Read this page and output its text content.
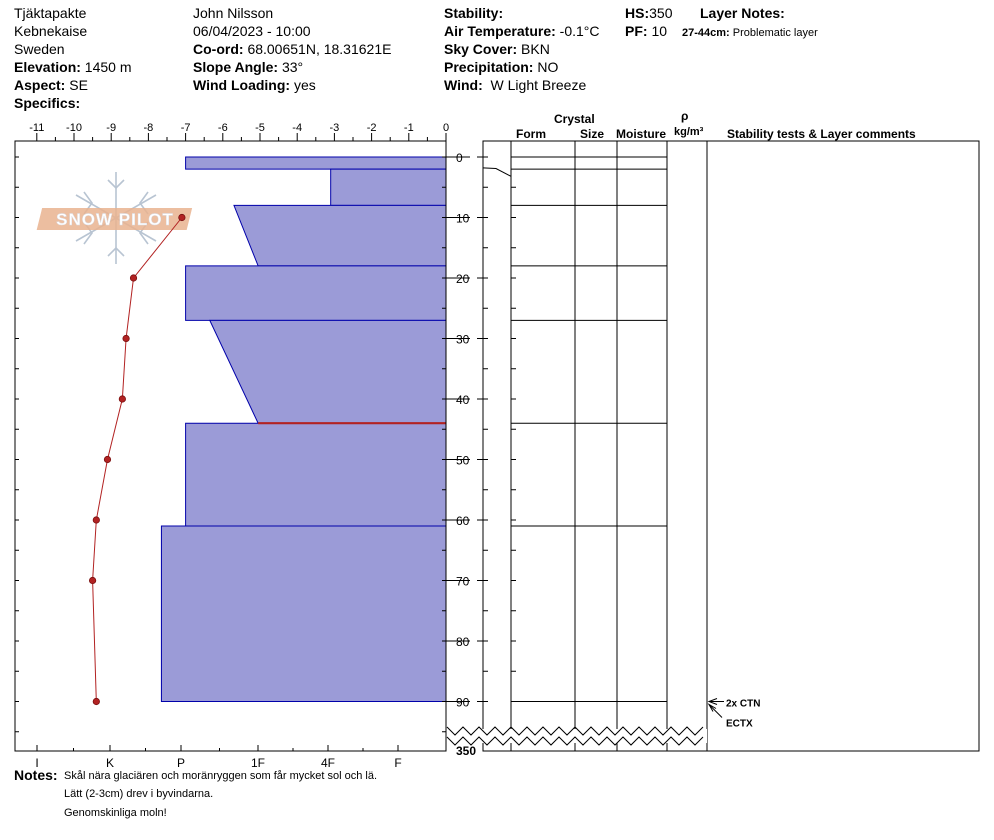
Tjäktapakte
Kebnekaise
Sweden
Elevation: 1450 m
Aspect: SE
Specifics:
John Nilsson
06/04/2023 - 10:00
Co-ord: 68.00651N, 18.31621E
Slope Angle: 33°
Wind Loading: yes
Stability:
Air Temperature: -0.1°C
Sky Cover: BKN
Precipitation: NO
Wind: W Light Breeze
HS:350
PF: 10
Layer Notes:
27-44cm: Problematic layer
Crystal
Form	Size Moisture
ρ
kg/m³ Stability tests & Layer comments
-11 -10 -9 -8 -7 -6 -5 -4 -3 -2 -1	0
I	K	P	1F	4F	F
0
10
20
30
40
50
60
70
80
90
350
SNOW PILOT
2x CTN
ECTX
Notes: Skål nära glaciären och moränryggen som får mycket sol och lä.
Lätt (2-3cm) drev i byvindarna.
Genomskinliga moln!
